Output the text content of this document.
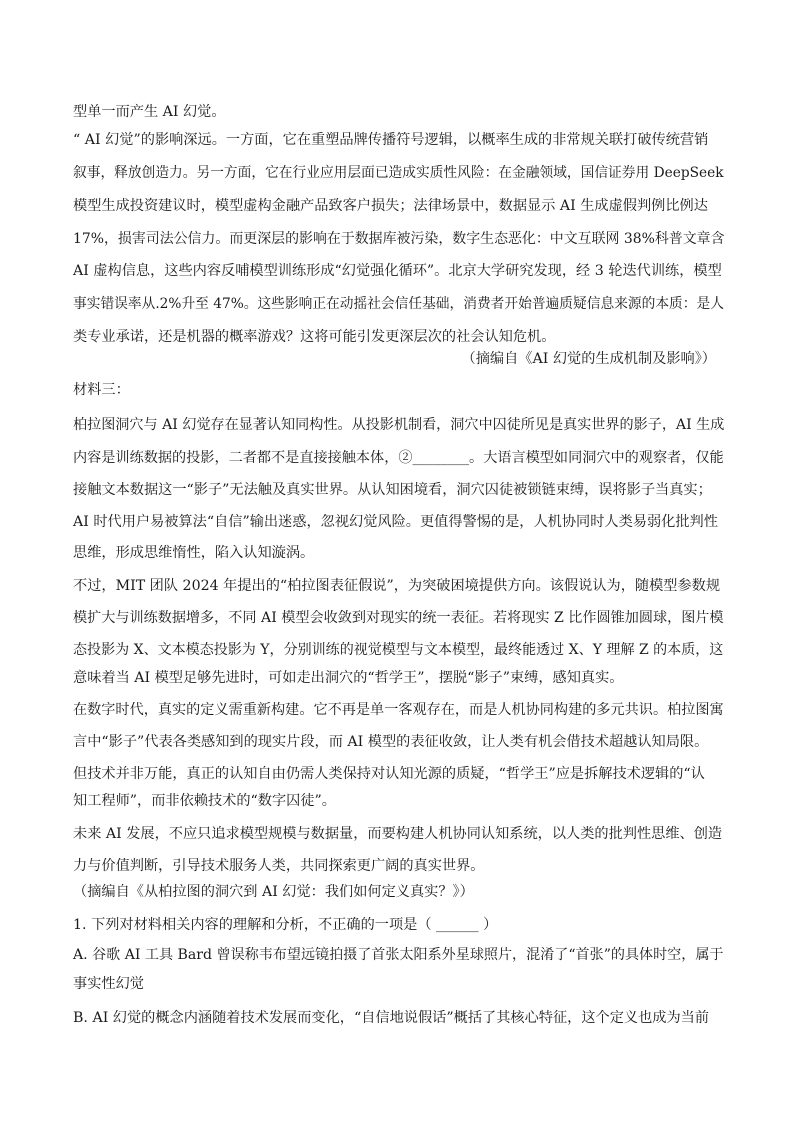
型单一而产生 AI 幻觉。
“ AI 幻觉”的影响深远。一方面，它在重塑品牌传播符号逻辑，以概率生成的非常规关联打破传统营销
叙事，释放创造力。另一方面，它在行业应用层面已造成实质性风险：在金融领域，国信证券用 DeepSeek
模型生成投资建议时，模型虚构金融产品致客户损失；法律场景中，数据显示 AI 生成虚假判例比例达
17%，损害司法公信力。而更深层的影响在于数据库被污染，数字生态恶化：中文互联网 38%科普文章含
AI 虚构信息，这些内容反哺模型训练形成“幻觉强化循环”。北京大学研究发现，经 3 轮迭代训练，模型
事实错误率从.2%升至 47%。这些影响正在动摇社会信任基础，消费者开始普遍质疑信息来源的本质：是人
类专业承诺，还是机器的概率游戏？这将可能引发更深层次的社会认知危机。
（摘编自《AI 幻觉的生成机制及影响》）
材料三：
柏拉图洞穴与 AI 幻觉存在显著认知同构性。从投影机制看，洞穴中囚徒所见是真实世界的影子，AI 生成
内容是训练数据的投影，二者都不是直接接触本体，②________。大语言模型如同洞穴中的观察者，仅能
接触文本数据这一“影子”无法触及真实世界。从认知困境看，洞穴囚徒被锁链束缚，误将影子当真实；
AI 时代用户易被算法“自信”输出迷惑，忽视幻觉风险。更值得警惕的是，人机协同时人类易弱化批判性
思维，形成思维惰性，陷入认知漩涡。
不过，MIT 团队 2024 年提出的“柏拉图表征假说”，为突破困境提供方向。该假说认为，随模型参数规
模扩大与训练数据增多，不同 AI 模型会收敛到对现实的统一表征。若将现实 Z 比作圆锥加圆球，图片模
态投影为 X、文本模态投影为 Y，分别训练的视觉模型与文本模型，最终能透过 X、Y 理解 Z 的本质，这
意味着当 AI 模型足够先进时，可如走出洞穴的“哲学王”，摆脱“影子”束缚，感知真实。
在数字时代，真实的定义需重新构建。它不再是单一客观存在，而是人机协同构建的多元共识。柏拉图寓
言中“影子”代表各类感知到的现实片段，而 AI 模型的表征收敛，让人类有机会借技术超越认知局限。
但技术并非万能，真正的认知自由仍需人类保持对认知光源的质疑，“哲学王”应是拆解技术逻辑的“认
知工程师”，而非依赖技术的“数字囚徒”。
未来 AI 发展，不应只追求模型规模与数据量，而要构建人机协同认知系统，以人类的批判性思维、创造
力与价值判断，引导技术服务人类，共同探索更广阔的真实世界。
（摘编自《从柏拉图的洞穴到 AI 幻觉：我们如何定义真实？》）
1. 下列对材料相关内容的理解和分析，不正确的一项是（ ______ ）
A. 谷歌 AI 工具 Bard 曾误称韦布望远镜拍摄了首张太阳系外星球照片，混淆了“首张”的具体时空，属于
事实性幻觉
B. AI 幻觉的概念内涵随着技术发展而变化，“自信地说假话”概括了其核心特征，这个定义也成为当前
